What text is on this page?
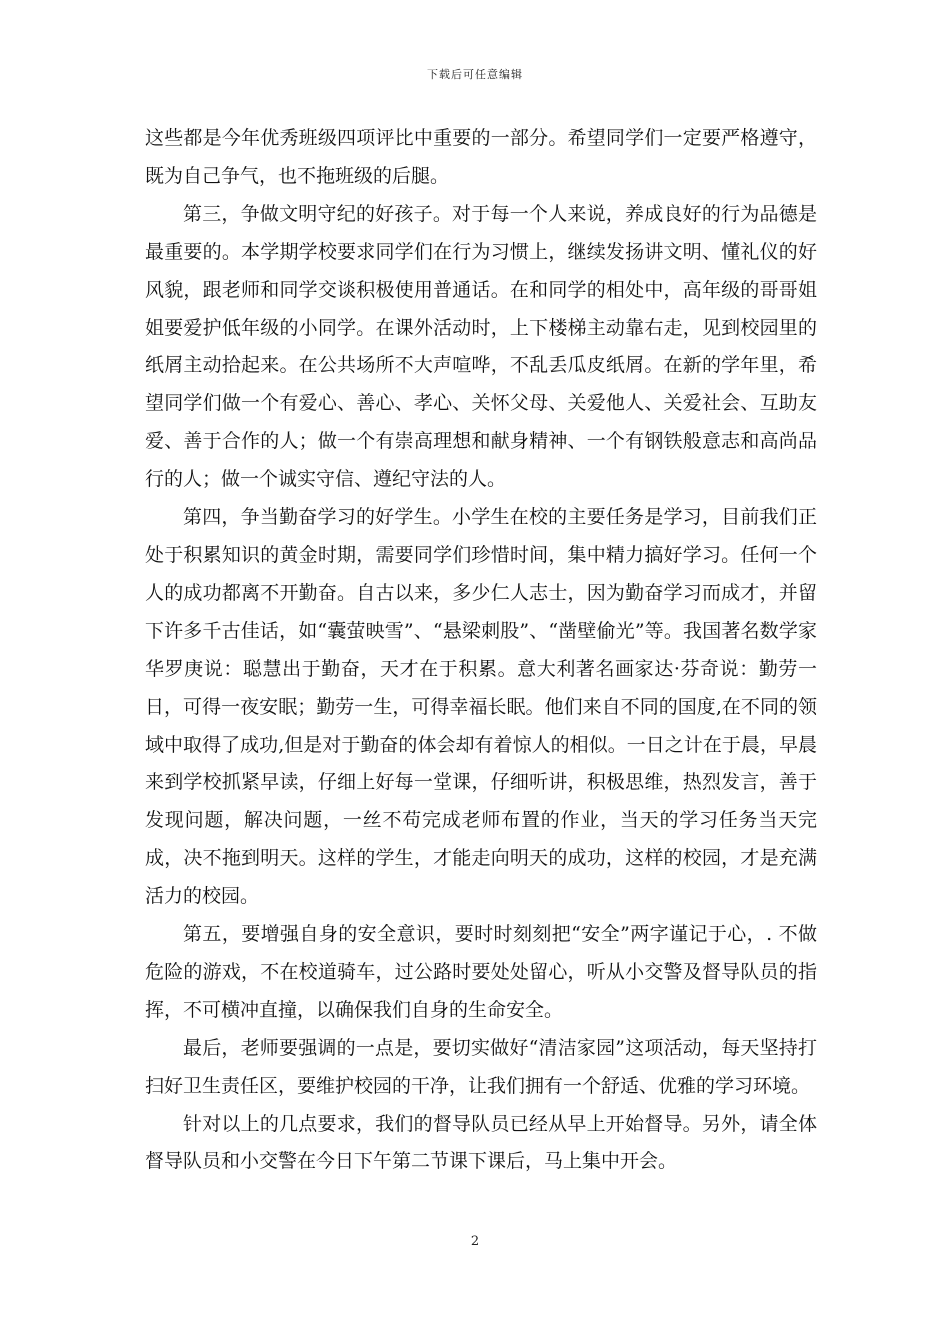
下载后可任意编辑

这些都是今年优秀班级四项评比中重要的一部分。希望同学们一定要严格遵守，既为自己争气，也不拖班级的后腿。

第三，争做文明守纪的好孩子。对于每一个人来说，养成良好的行为品德是最重要的。本学期学校要求同学们在行为习惯上，继续发扬讲文明、懂礼仪的好风貌，跟老师和同学交谈积极使用普通话。在和同学的相处中，高年级的哥哥姐姐要爱护低年级的小同学。在课外活动时，上下楼梯主动靠右走，见到校园里的纸屑主动拾起来。在公共场所不大声喧哗，不乱丢瓜皮纸屑。在新的学年里，希望同学们做一个有爱心、善心、孝心、关怀父母、关爱他人、关爱社会、互助友爱、善于合作的人；做一个有崇高理想和献身精神、一个有钢铁般意志和高尚品行的人；做一个诚实守信、遵纪守法的人。

第四，争当勤奋学习的好学生。小学生在校的主要任务是学习，目前我们正处于积累知识的黄金时期，需要同学们珍惜时间，集中精力搞好学习。任何一个人的成功都离不开勤奋。自古以来，多少仁人志士，因为勤奋学习而成才，并留下许多千古佳话，如“囊萤映雪”、“悬梁刺股”、“凿壁偷光”等。我国著名数学家华罗庚说：聪慧出于勤奋，天才在于积累。意大利著名画家达·芬奇说：勤劳一日，可得一夜安眠；勤劳一生，可得幸福长眠。他们来自不同的国度,在不同的领域中取得了成功,但是对于勤奋的体会却有着惊人的相似。一日之计在于晨，早晨来到学校抓紧早读，仔细上好每一堂课，仔细听讲，积极思维，热烈发言，善于发现问题，解决问题，一丝不苟完成老师布置的作业，当天的学习任务当天完成，决不拖到明天。这样的学生，才能走向明天的成功，这样的校园，才是充满活力的校园。

第五，要增强自身的安全意识，要时时刻刻把“安全”两字谨记于心，. 不做危险的游戏，不在校道骑车，过公路时要处处留心，听从小交警及督导队员的指挥，不可横冲直撞，以确保我们自身的生命安全。

最后，老师要强调的一点是，要切实做好“清洁家园”这项活动，每天坚持打扫好卫生责任区，要维护校园的干净，让我们拥有一个舒适、优雅的学习环境。

针对以上的几点要求，我们的督导队员已经从早上开始督导。另外，请全体督导队员和小交警在今日下午第二节课下课后，马上集中开会。

2
